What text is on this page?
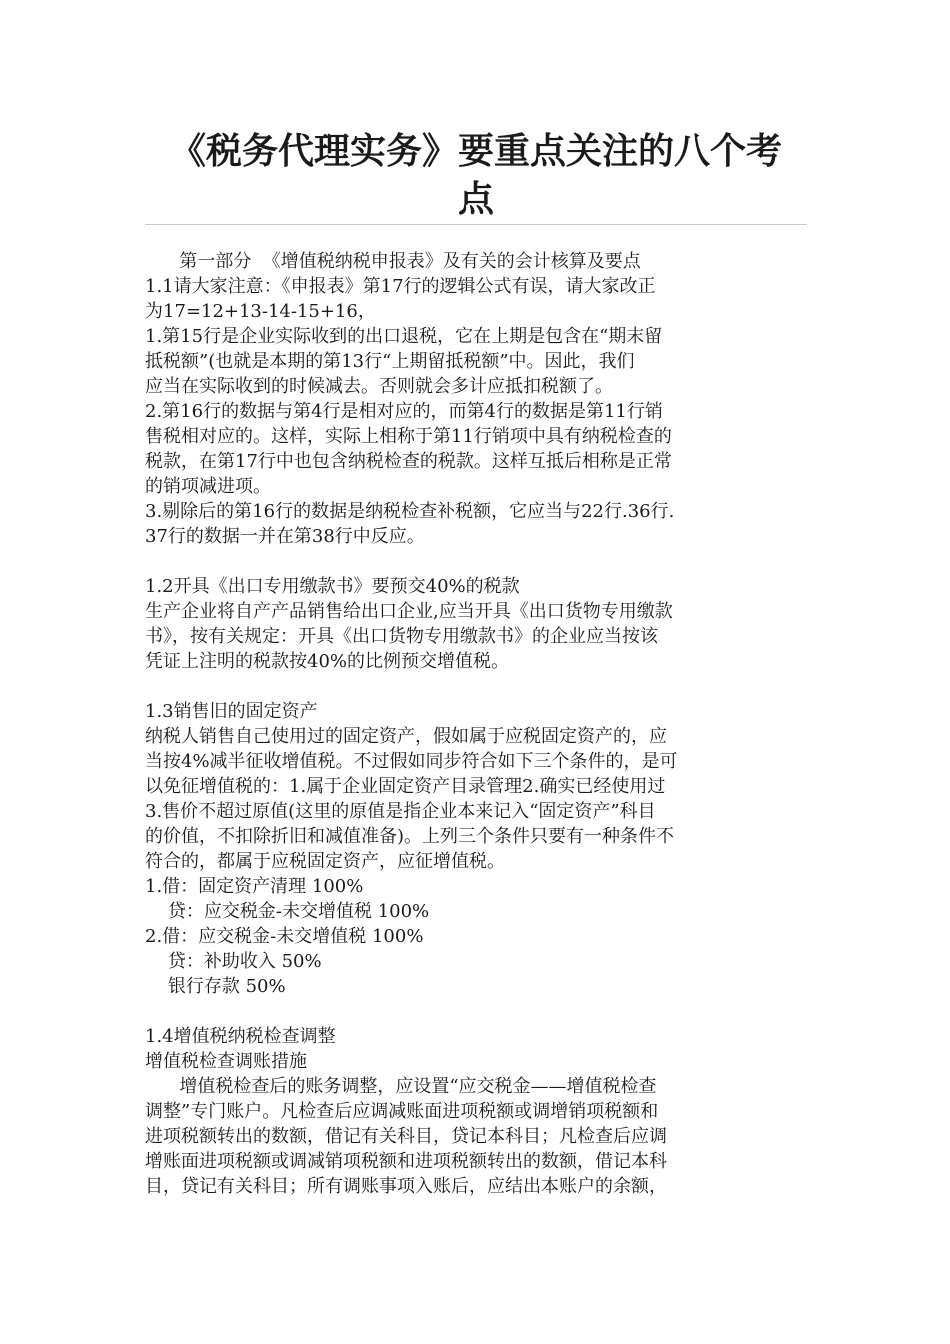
《税务代理实务》要重点关注的八个考
点
第一部分  《增值税纳税申报表》及有关的会计核算及要点
1.1请大家注意：《申报表》第17行的逻辑公式有误，请大家改正
为17=12+13-14-15+16，
1.第15行是企业实际收到的出口退税，它在上期是包含在“期末留
抵税额”(也就是本期的第13行“上期留抵税额”中。因此，我们
应当在实际收到的时候减去。否则就会多计应抵扣税额了。
2.第16行的数据与第4行是相对应的，而第4行的数据是第11行销
售税相对应的。这样，实际上相称于第11行销项中具有纳税检查的
税款，在第17行中也包含纳税检查的税款。这样互抵后相称是正常
的销项减进项。
3.剔除后的第16行的数据是纳税检查补税额，它应当与22行.36行.
37行的数据一并在第38行中反应。
1.2开具《出口专用缴款书》要预交40%的税款
生产企业将自产产品销售给出口企业,应当开具《出口货物专用缴款
书》，按有关规定：开具《出口货物专用缴款书》的企业应当按该
凭证上注明的税款按40%的比例预交增值税。
1.3销售旧的固定资产
纳税人销售自己使用过的固定资产，假如属于应税固定资产的，应
当按4%减半征收增值税。不过假如同步符合如下三个条件的，是可
以免征增值税的：1.属于企业固定资产目录管理2.确实已经使用过
3.售价不超过原值(这里的原值是指企业本来记入“固定资产”科目
的价值，不扣除折旧和减值准备)。上列三个条件只要有一种条件不
符合的，都属于应税固定资产，应征增值税。
1.借：固定资产清理 100%
贷：应交税金-未交增值税 100%
2.借：应交税金-未交增值税 100%
贷：补助收入 50%
银行存款 50%
1.4增值税纳税检查调整
增值税检查调账措施
增值税检查后的账务调整，应设置“应交税金——增值税检查
调整”专门账户。凡检查后应调减账面进项税额或调增销项税额和
进项税额转出的数额，借记有关科目，贷记本科目；凡检查后应调
增账面进项税额或调减销项税额和进项税额转出的数额，借记本科
目，贷记有关科目；所有调账事项入账后，应结出本账户的余额，
